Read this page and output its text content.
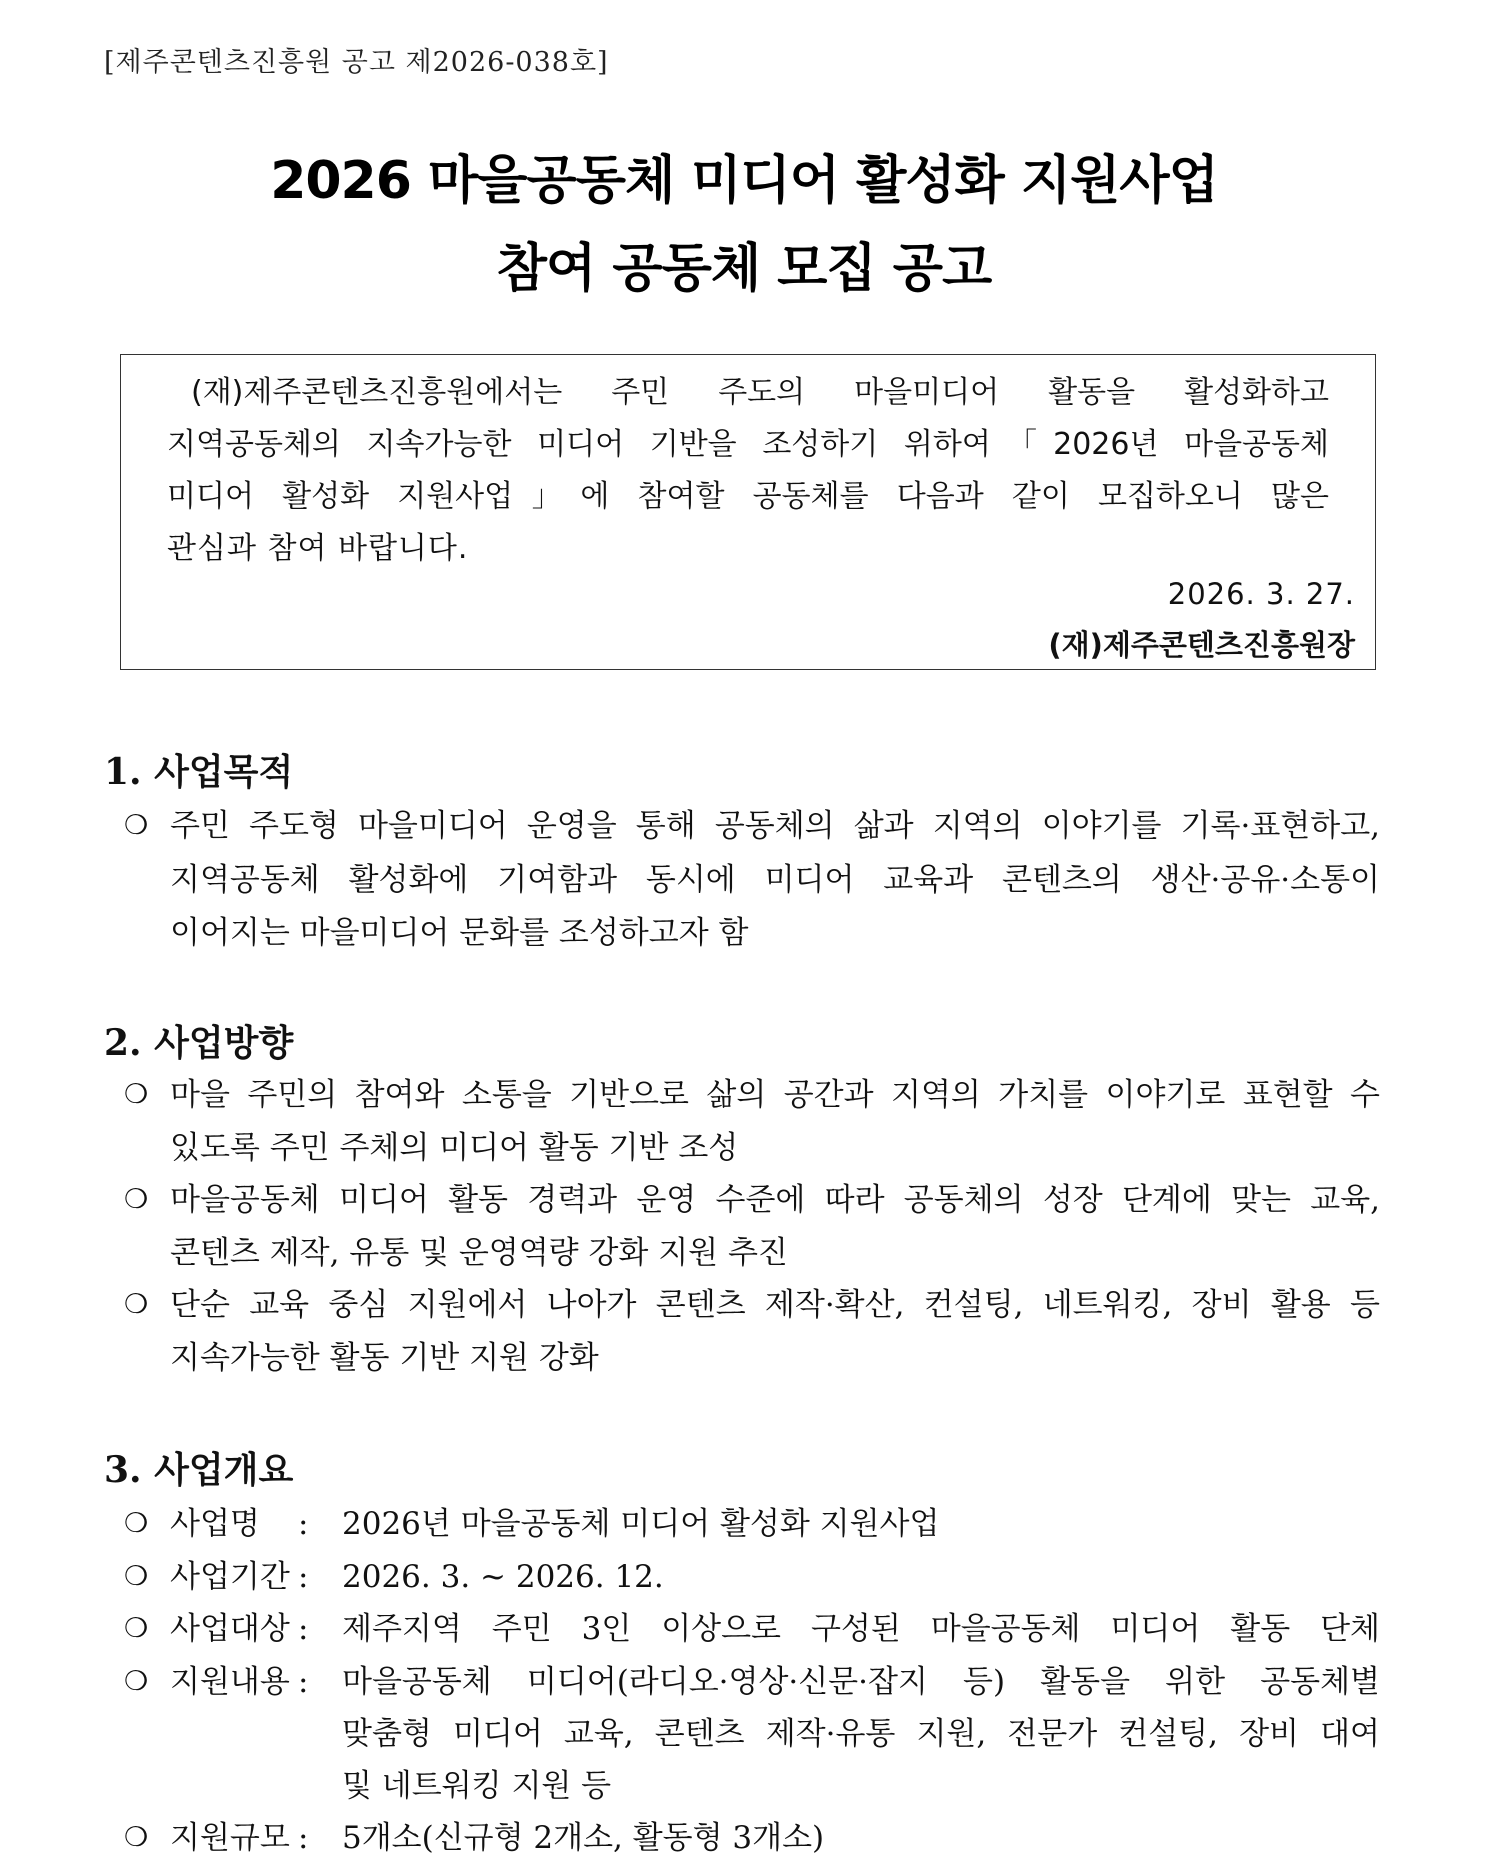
[제주콘텐츠진흥원 공고 제2026-038호]
2026 마을공동체 미디어 활성화 지원사업
참여 공동체 모집 공고
(재)제주콘텐츠진흥원에서는 주민 주도의 마을미디어 활동을 활성화하고
지역공동체의 지속가능한 미디어 기반을 조성하기 위하여「2026년 마을공동체
미디어 활성화 지원사업」에 참여할 공동체를 다음과 같이 모집하오니 많은
관심과 참여 바랍니다.
2026. 3. 27.
(재)제주콘텐츠진흥원장
1. 사업목적
❍ 주민 주도형 마을미디어 운영을 통해 공동체의 삶과 지역의 이야기를 기록·표현하고,
지역공동체 활성화에 기여함과 동시에 미디어 교육과 콘텐츠의 생산·공유·소통이
이어지는 마을미디어 문화를 조성하고자 함
2. 사업방향
❍ 마을 주민의 참여와 소통을 기반으로 삶의 공간과 지역의 가치를 이야기로 표현할 수
있도록 주민 주체의 미디어 활동 기반 조성
❍ 마을공동체 미디어 활동 경력과 운영 수준에 따라 공동체의 성장 단계에 맞는 교육,
콘텐츠 제작, 유통 및 운영역량 강화 지원 추진
❍ 단순 교육 중심 지원에서 나아가 콘텐츠 제작·확산, 컨설팅, 네트워킹, 장비 활용 등
지속가능한 활동 기반 지원 강화
3. 사업개요
❍ 사업명	: 2026년 마을공동체 미디어 활성화 지원사업
❍ 사업기간 : 2026. 3. ~ 2026. 12.
❍ 사업대상 : 제주지역 주민 3인 이상으로 구성된 마을공동체 미디어 활동 단체
❍ 지원내용 : 마을공동체 미디어(라디오·영상·신문·잡지 등) 활동을 위한 공동체별
맞춤형 미디어 교육, 콘텐츠 제작·유통 지원, 전문가 컨설팅, 장비 대여
및 네트워킹 지원 등
❍ 지원규모 : 5개소(신규형 2개소, 활동형 3개소)
